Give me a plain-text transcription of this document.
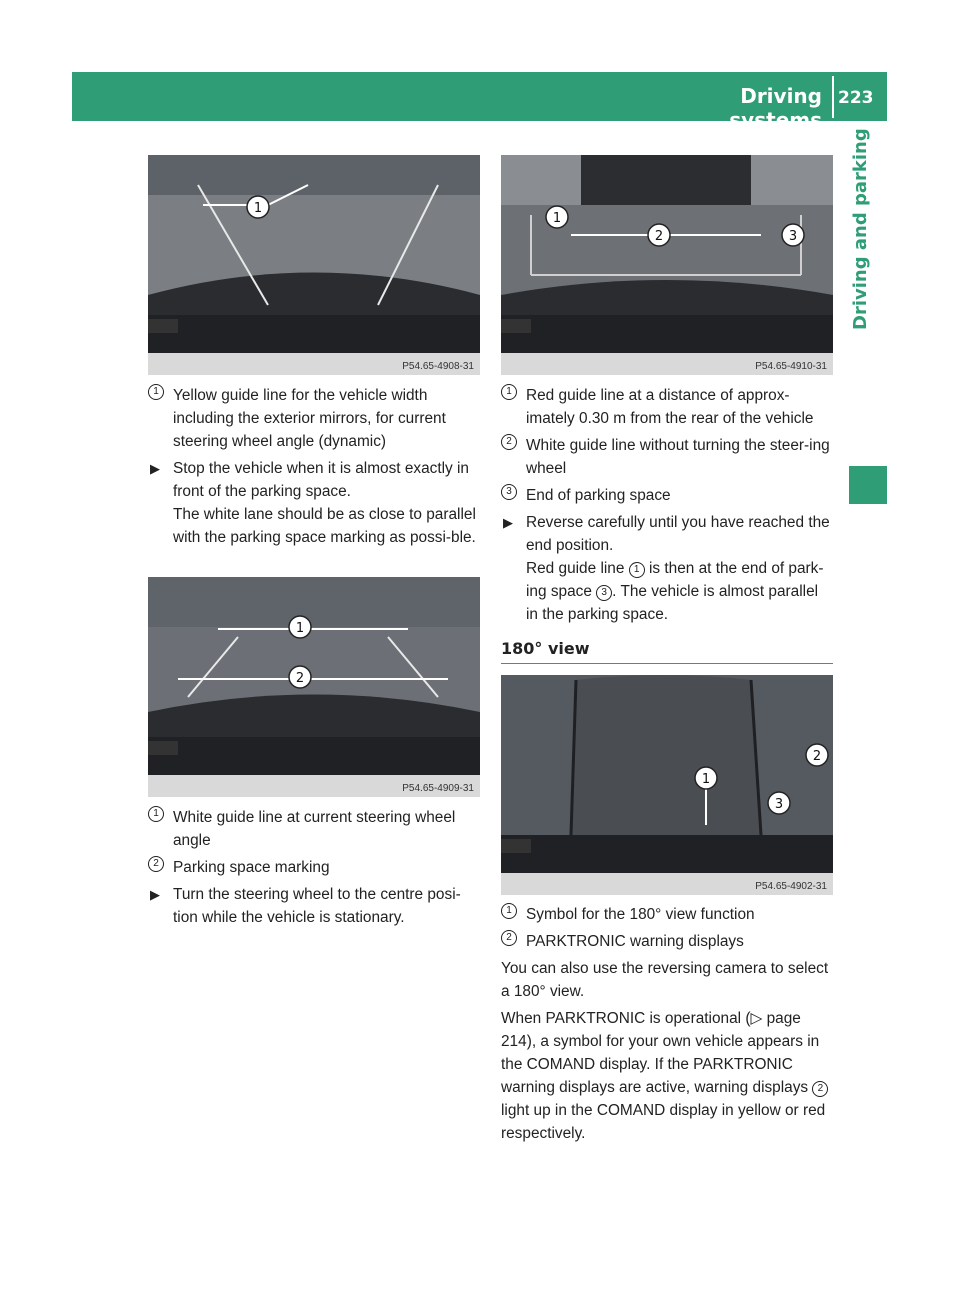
Driving systems
223
Driving and parking
1
P54.65-4908-31
1
2
P54.65-4909-31
1
2	3
P54.65-4910-31
1
2
3
P54.65-4902-31
1 Yellow guide line for the vehicle width including the exterior mirrors, for current steering wheel angle (dynamic)
▶ Stop the vehicle when it is almost exactly in front of the parking space.
The white lane should be as close to parallel with the parking space marking as possi-ble.
1 White guide line at current steering wheel angle
2 Parking space marking
▶ Turn the steering wheel to the centre posi-tion while the vehicle is stationary.
1 Red guide line at a distance of approx-imately 0.30 m from the rear of the vehicle
2 White guide line without turning the steer-ing wheel
3 End of parking space
▶ Reverse carefully until you have reached the end position.
Red guide line 1 is then at the end of park-ing space 3 . The vehicle is almost parallel in the parking space.
180° view
1 Symbol for the 180° view function
2 PARKTRONIC warning displays

You can also use the reversing camera to select a 180° view.

When PARKTRONIC is operational (▷ page 214), a symbol for your own vehicle appears in the COMAND display. If the PARKTRONIC warning displays are active, warning displays 2 light up in the COMAND display in yellow or red respectively.
